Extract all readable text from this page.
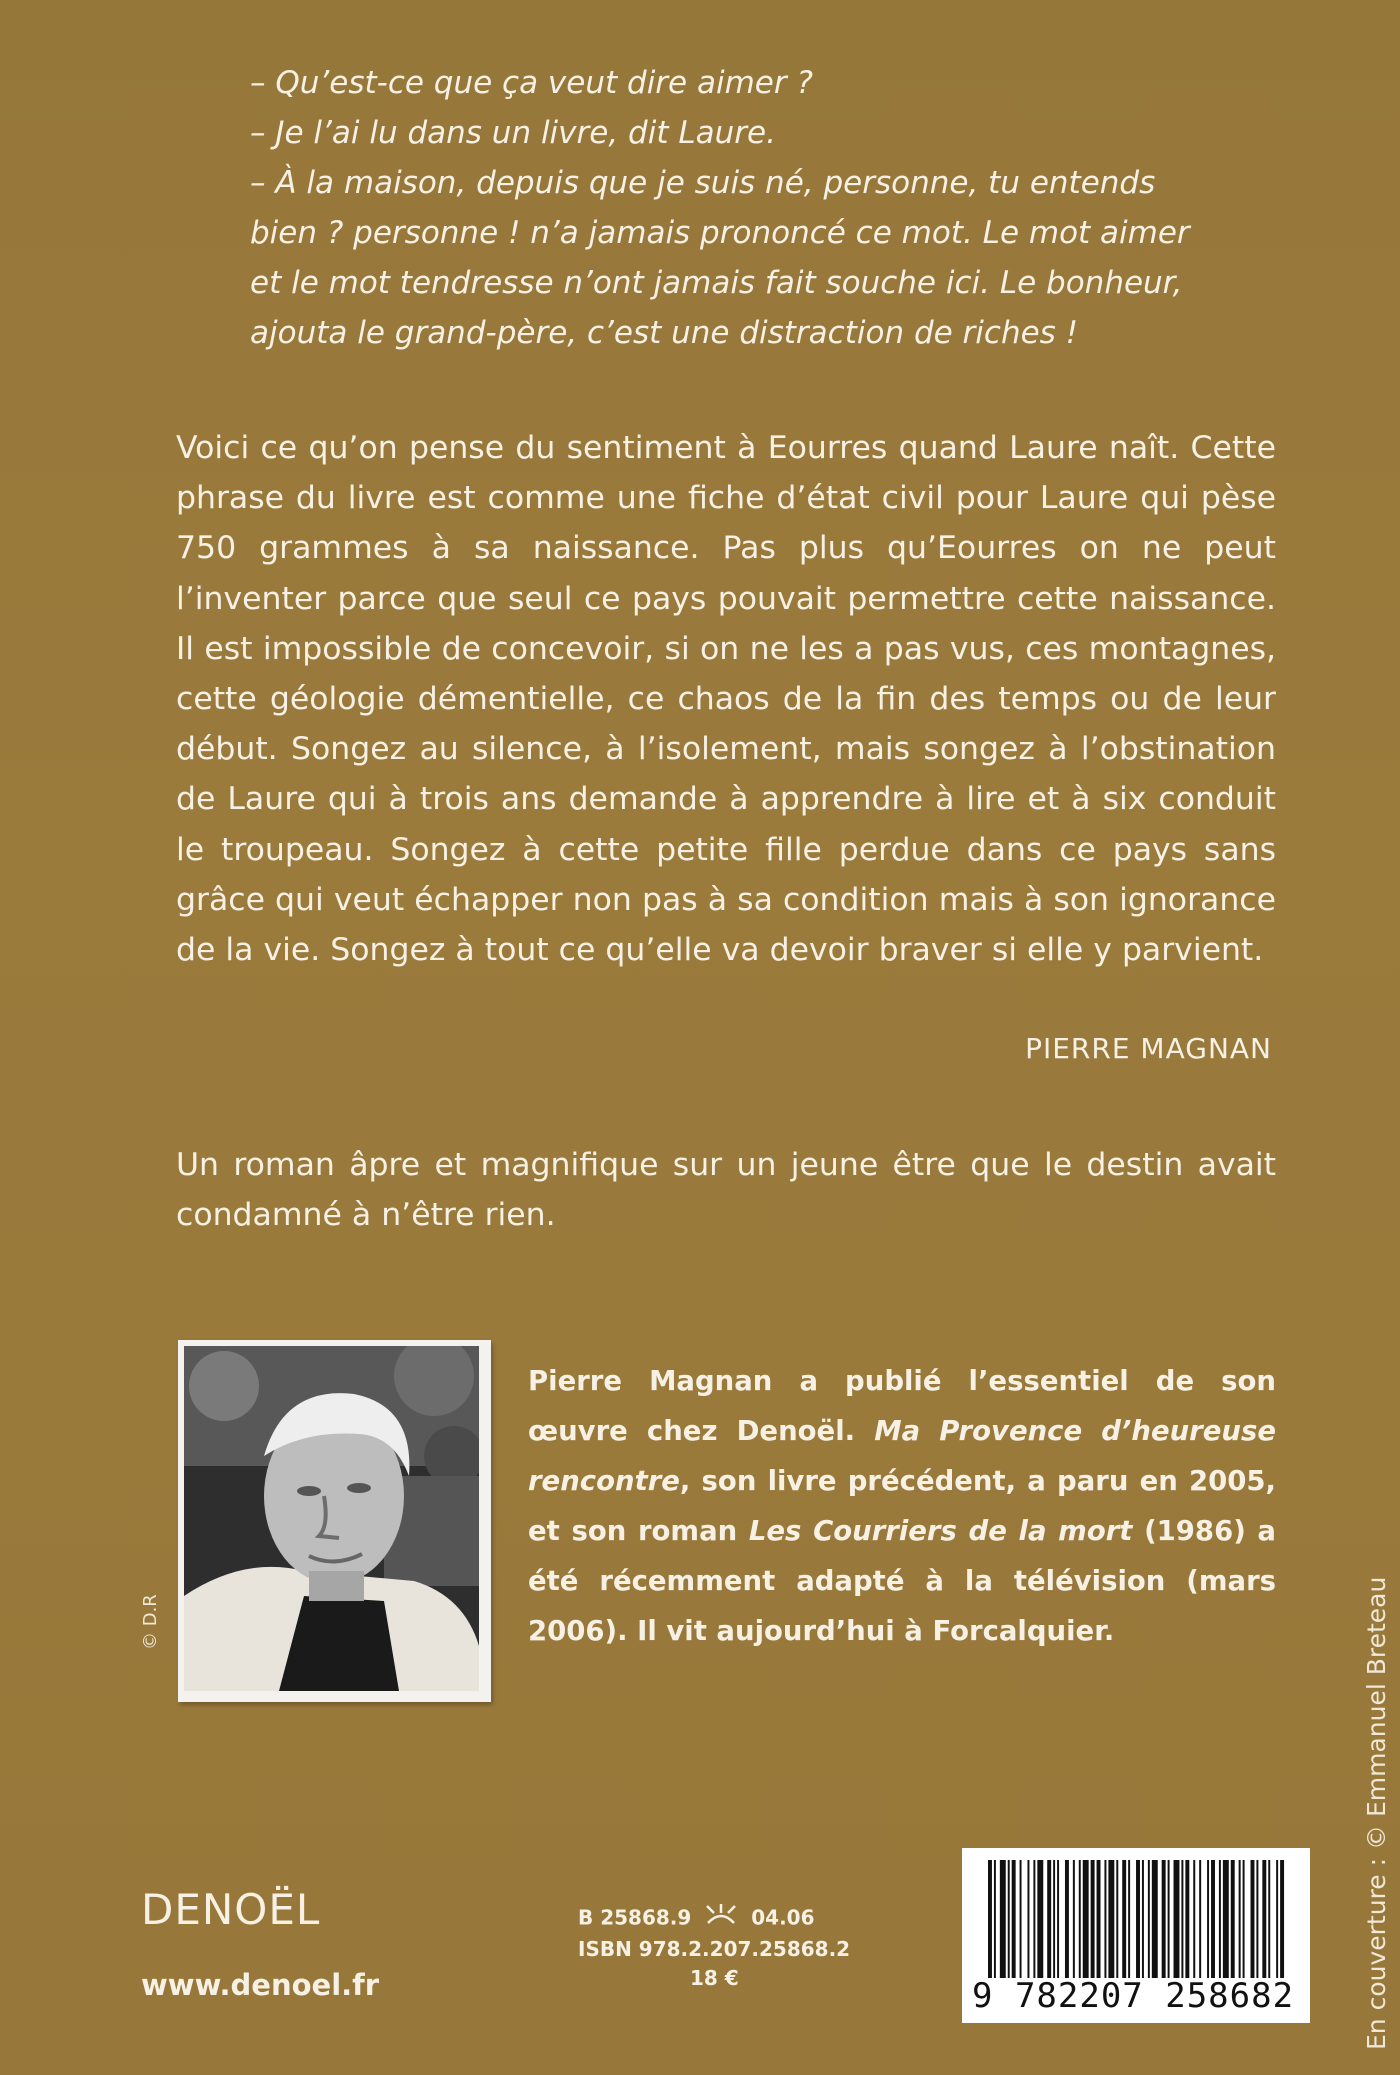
– Qu’est-ce que ça veut dire aimer ?

– Je l’ai lu dans un livre, dit Laure.

– À la maison, depuis que je suis né, personne, tu entends

bien ? personne ! n’a jamais prononcé ce mot. Le mot aimer

et le mot tendresse n’ont jamais fait souche ici. Le bonheur,

ajouta le grand-père, c’est une distraction de riches !

Voici ce qu’on pense du sentiment à Eourres quand Laure naît. Cette phrase du livre est comme une fiche d’état civil pour Laure qui pèse 750 grammes à sa naissance. Pas plus qu’Eourres on ne peut l’inventer parce que seul ce pays pouvait permettre cette naissance. Il est impossible de concevoir, si on ne les a pas vus, ces montagnes, cette géologie démentielle, ce chaos de la fin des temps ou de leur début. Songez au silence, à l’isolement, mais songez à l’obstination de Laure qui à trois ans demande à apprendre à lire et à six conduit le troupeau. Songez à cette petite fille perdue dans ce pays sans grâce qui veut échapper non pas à sa condition mais à son ignorance de la vie. Songez à tout ce qu’elle va devoir braver si elle y parvient.

PIERRE MAGNAN

Un roman âpre et magnifique sur un jeune être que le destin avait condamné à n’être rien.

© D.R

Pierre Magnan a publié l’essentiel de son œuvre chez Denoël. Ma Provence d’heureuse rencontre, son livre précédent, a paru en 2005, et son roman Les Courriers de la mort (1986) a été récemment adapté à la télévision (mars 2006). Il vit aujourd’hui à Forcalquier.	En couverture : © Emmanuel Breteau
DENOËL
www.denoel.fr
B 25868.9	04.06
ISBN 978.2.207.25868.2
18 €	9 782207 258682
